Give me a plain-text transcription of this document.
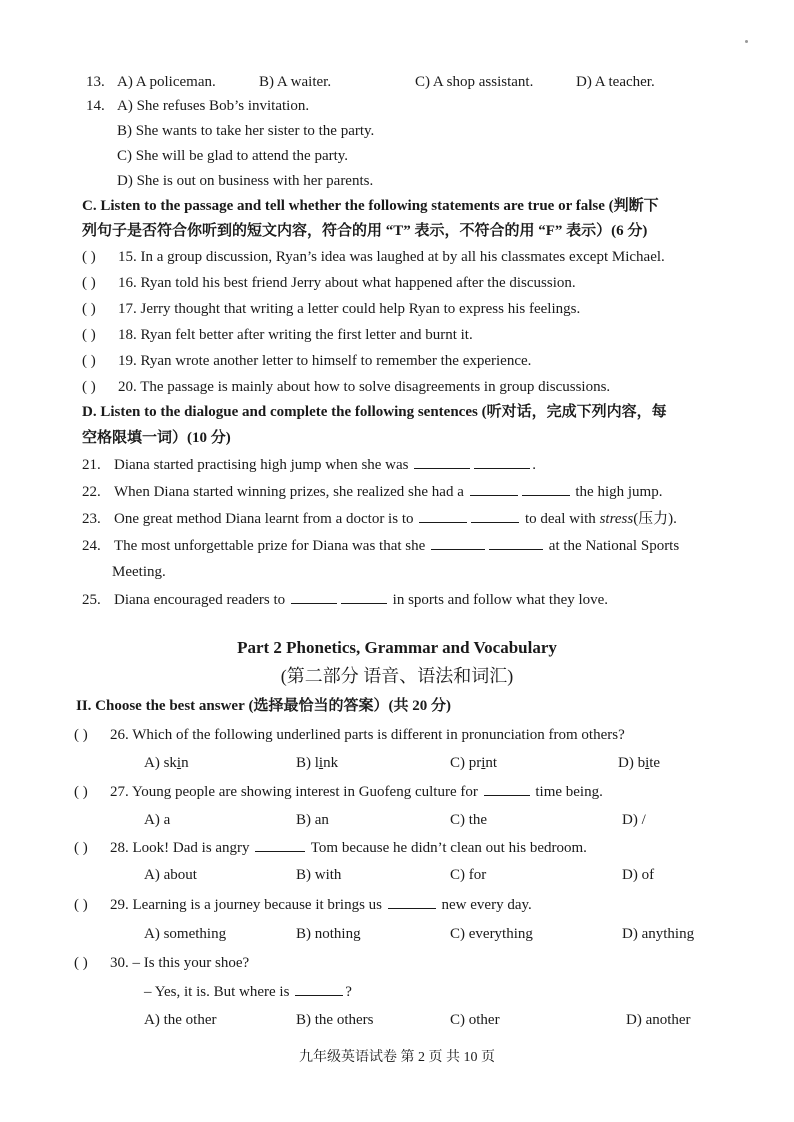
13. A) A policeman.	B) A waiter.	C) A shop assistant.	D) A teacher.
14. A) She refuses Bob’s invitation.
B) She wants to take her sister to the party.
C) She will be glad to attend the party.
D) She is out on business with her parents.
C. Listen to the passage and tell whether the following statements are true or false (判断下
列句子是否符合你听到的短文内容，符合的用 “T” 表示，不符合的用 “F” 表示）(6 分)
( ) 15. In a group discussion, Ryan’s idea was laughed at by all his classmates except Michael.
( ) 16. Ryan told his best friend Jerry about what happened after the discussion.
( ) 17. Jerry thought that writing a letter could help Ryan to express his feelings.
( ) 18. Ryan felt better after writing the first letter and burnt it.
( ) 19. Ryan wrote another letter to himself to remember the experience.
( ) 20. The passage is mainly about how to solve disagreements in group discussions.
D. Listen to the dialogue and complete the following sentences (听对话，完成下列内容，每
空格限填一词）(10 分)
21. Diana started practising high jump when she was	.
22. When Diana started winning prizes, she realized she had a	the high jump.
23. One great method Diana learnt from a doctor is to	to deal with stress(压力).
24. The most unforgettable prize for Diana was that she	at the National Sports
Meeting.
25. Diana encouraged readers to	in sports and follow what they love.
Part 2 Phonetics, Grammar and Vocabulary
(第二部分 语音、语法和词汇)
II. Choose the best answer (选择最恰当的答案）(共 20 分)
( ) 26. Which of the following underlined parts is different in pronunciation from others?
A) skin	B) link	C) print	D) bite
( ) 27. Young people are showing interest in Guofeng culture for	time being.
A) a	B) an	C) the	D) /
( ) 28. Look! Dad is angry	Tom because he didn’t clean out his bedroom.
A) about	B) with	C) for	D) of
( ) 29. Learning is a journey because it brings us	new every day.
A) something	B) nothing	C) everything	D) anything
( ) 30. – Is this your shoe?
– Yes, it is. But where is	?
A) the other	B) the others	C) other	D) another
九年级英语试卷 第 2 页 共 10 页
